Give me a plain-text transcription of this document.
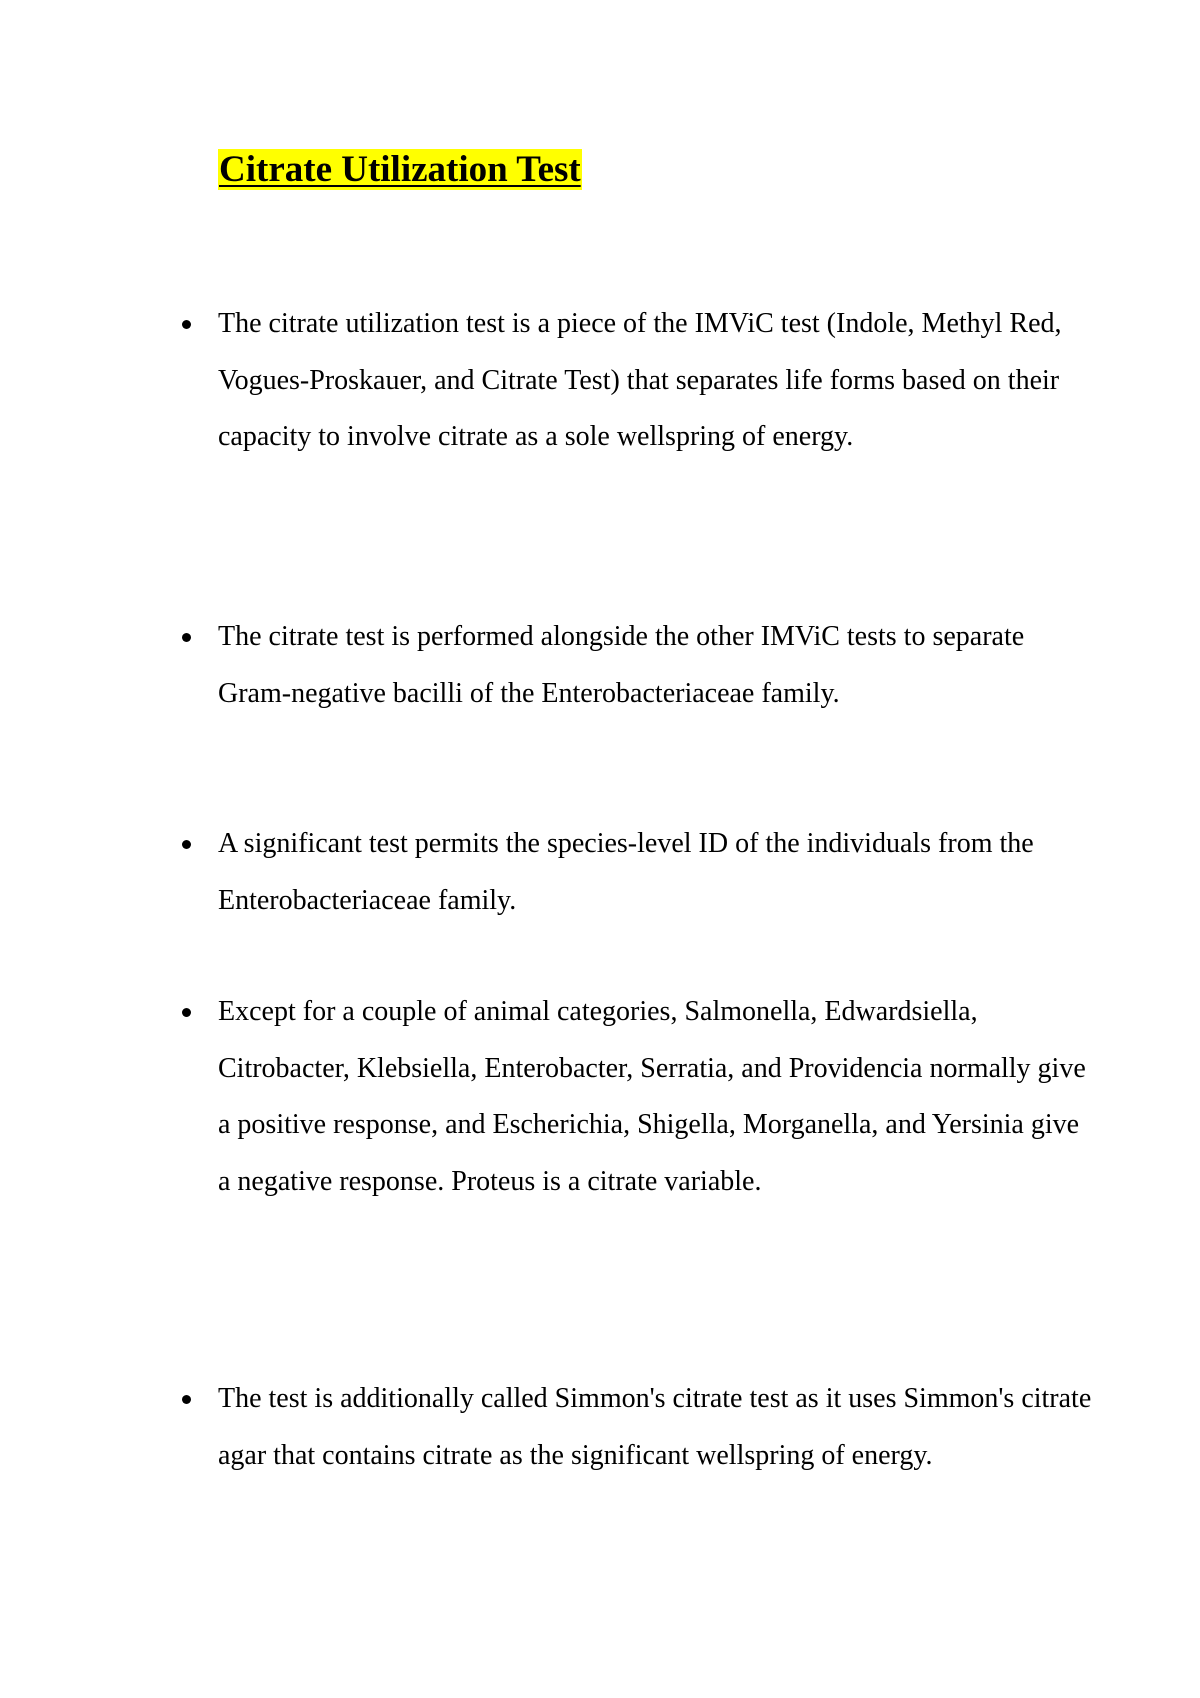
Citrate Utilization Test
The citrate utilization test is a piece of the IMViC test (Indole, Methyl Red, Vogues-Proskauer, and Citrate Test) that separates life forms based on their capacity to involve citrate as a sole wellspring of energy.
The citrate test is performed alongside the other IMViC tests to separate Gram-negative bacilli of the Enterobacteriaceae family.
A significant test permits the species-level ID of the individuals from the Enterobacteriaceae family.
Except for a couple of animal categories, Salmonella, Edwardsiella, Citrobacter, Klebsiella, Enterobacter, Serratia, and Providencia normally give a positive response, and Escherichia, Shigella, Morganella, and Yersinia give a negative response. Proteus is a citrate variable.
The test is additionally called Simmon's citrate test as it uses Simmon's citrate agar that contains citrate as the significant wellspring of energy.
